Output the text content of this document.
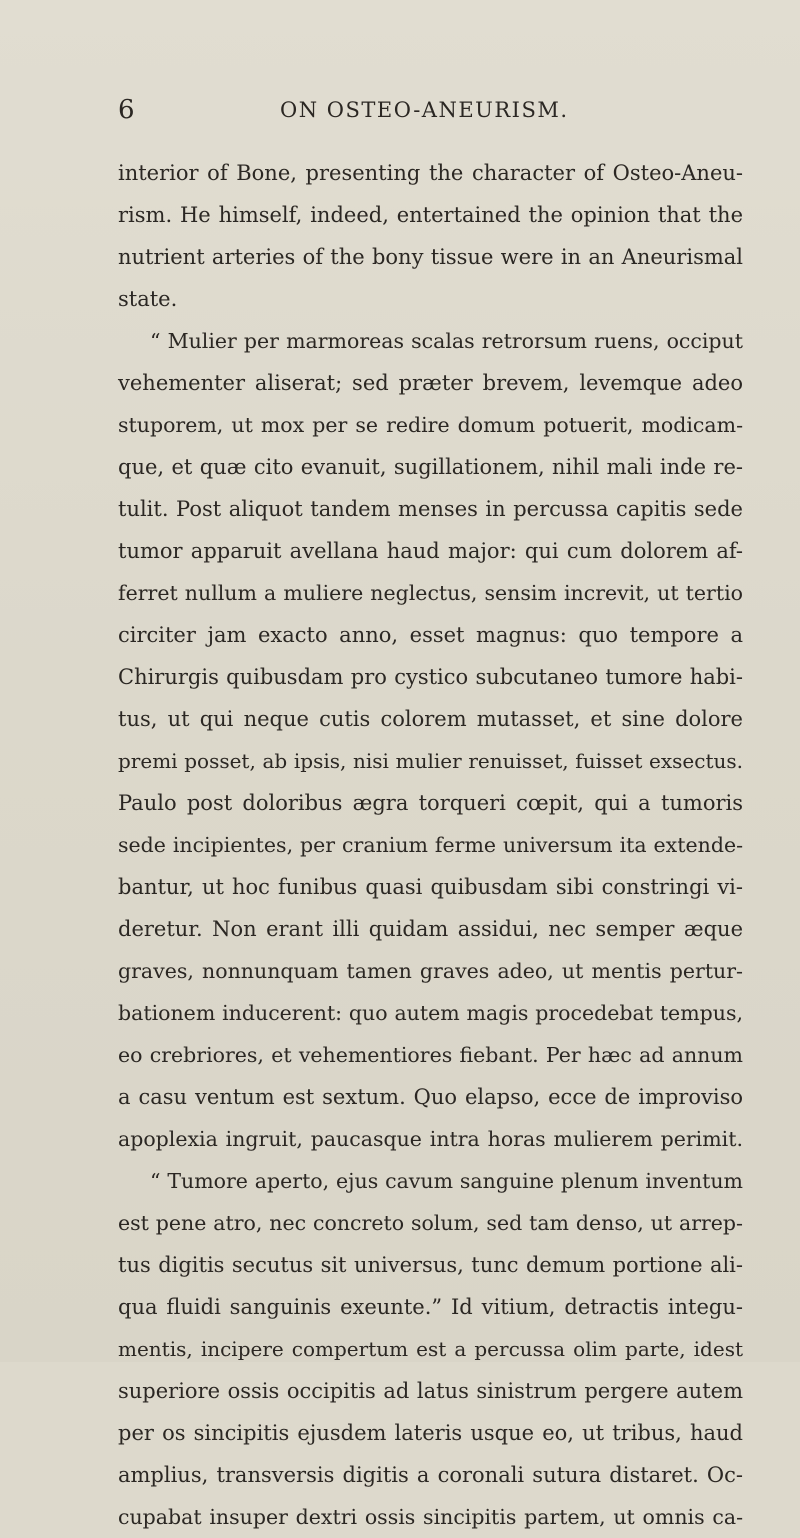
6	ON OSTEO-ANEURISM.
interior of Bone, presenting the character of Osteo-Aneu-
rism. He himself, indeed, entertained the opinion that the
nutrient arteries of the bony tissue were in an Aneurismal
state.
“ Mulier per marmoreas scalas retrorsum ruens, occiput
vehementer aliserat; sed præter brevem, levemque adeo
stuporem, ut mox per se redire domum potuerit, modicam-
que, et quæ cito evanuit, sugillationem, nihil mali inde re-
tulit. Post aliquot tandem menses in percussa capitis sede
tumor apparuit avellana haud major: qui cum dolorem af-
ferret nullum a muliere neglectus, sensim increvit, ut tertio
circiter jam exacto anno, esset magnus: quo tempore a
Chirurgis quibusdam pro cystico subcutaneo tumore habi-
tus, ut qui neque cutis colorem mutasset, et sine dolore
premi posset, ab ipsis, nisi mulier renuisset, fuisset exsectus.
Paulo post doloribus ægra torqueri cœpit, qui a tumoris
sede incipientes, per cranium ferme universum ita extende-
bantur, ut hoc funibus quasi quibusdam sibi constringi vi-
deretur. Non erant illi quidam assidui, nec semper æque
graves, nonnunquam tamen graves adeo, ut mentis pertur-
bationem inducerent: quo autem magis procedebat tempus,
eo crebriores, et vehementiores fiebant. Per hæc ad annum
a casu ventum est sextum. Quo elapso, ecce de improviso
apoplexia ingruit, paucasque intra horas mulierem perimit.
“ Tumore aperto, ejus cavum sanguine plenum inventum
est pene atro, nec concreto solum, sed tam denso, ut arrep-
tus digitis secutus sit universus, tunc demum portione ali-
qua fluidi sanguinis exeunte.” Id vitium, detractis integu-
mentis, incipere compertum est a percussa olim parte, idest
superiore ossis occipitis ad latus sinistrum pergere autem
per os sincipitis ejusdem lateris usque eo, ut tribus, haud
amplius, transversis digitis a coronali sutura distaret. Oc-
cupabat insuper dextri ossis sincipitis partem, ut omnis ca-
